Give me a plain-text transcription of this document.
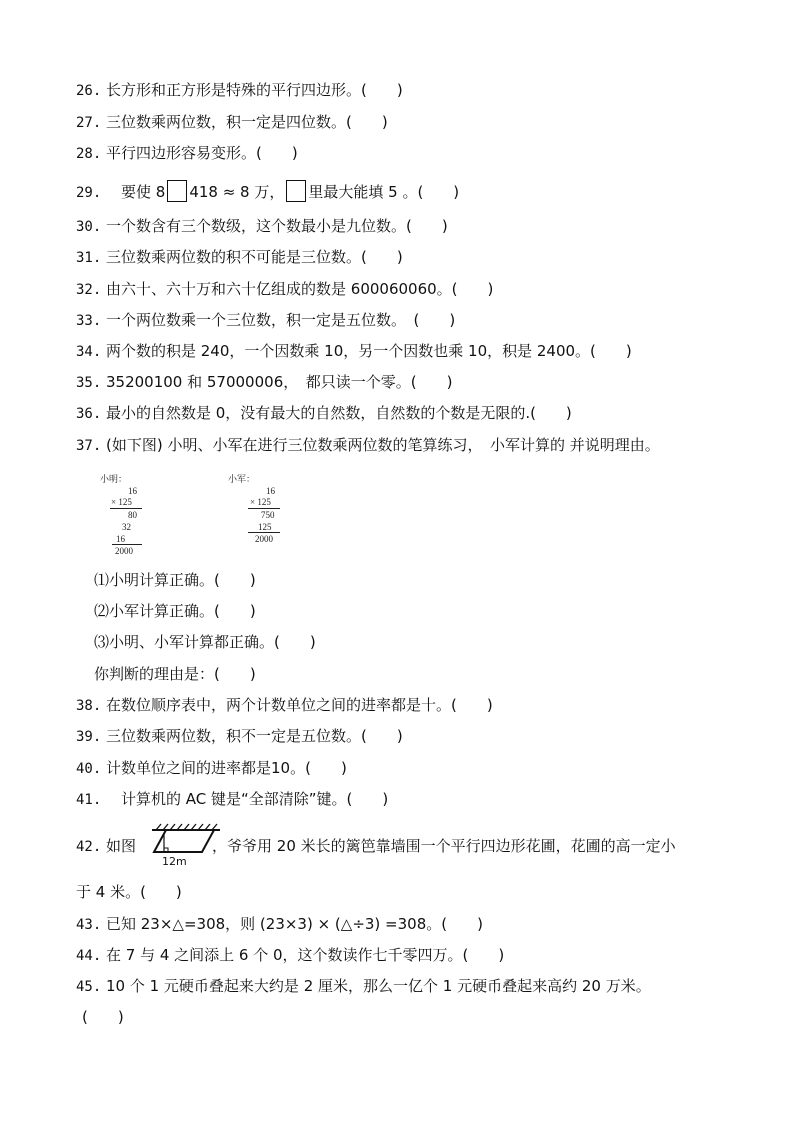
26. 长方形和正方形是特殊的平行四边形。(　　)
27. 三位数乘两位数，积一定是四位数。(　　)
28. 平行四边形容易变形。(　　)
29.　要使 8 418 ≈ 8 万， 里最大能填 5 。(　　)
30. 一个数含有三个数级，这个数最小是九位数。(　　)
31. 三位数乘两位数的积不可能是三位数。(　　)
32. 由六十、六十万和六十亿组成的数是 600060060。(　　)
33. 一个两位数乘一个三位数，积一定是五位数。　(　　)
34. 两个数的积是 240，一个因数乘 10，另一个因数也乘 10，积是 2400。(　　)
35. 35200100 和 57000006，　都只读一个零。(　　)
36. 最小的自然数是 0，没有最大的自然数，自然数的个数是无限的.(　　)
37. (如下图) 小明、小军在进行三位数乘两位数的笔算练习，　小军计算的 并说明理由。
小明：
16
× 125
80
32
16
2000
小军：
16
× 125
750
125
2000
⑴小明计算正确。(　　)
⑵小军计算正确。(　　)
⑶小明、小军计算都正确。(　　)
你判断的理由是：(　　)
38. 在数位顺序表中，两个计数单位之间的进率都是十。(　　)
39. 三位数乘两位数，积不一定是五位数。(　　)
40. 计数单位之间的进率都是10。(　　)
41.　计算机的 AC 键是“全部清除”键。(　　)
42. 如图	，爷爷用 20 米长的篱笆靠墙围一个平行四边形花圃，花圃的高一定小
12m
于 4 米。(　　)
43. 已知 23×△=308，则 (23×3) × (△÷3) =308。(　　)
44. 在 7 与 4 之间添上 6 个 0，这个数读作七千零四万。(　　)
45. 10 个 1 元硬币叠起来大约是 2 厘米，那么一亿个 1 元硬币叠起来高约 20 万米。
(　　)
